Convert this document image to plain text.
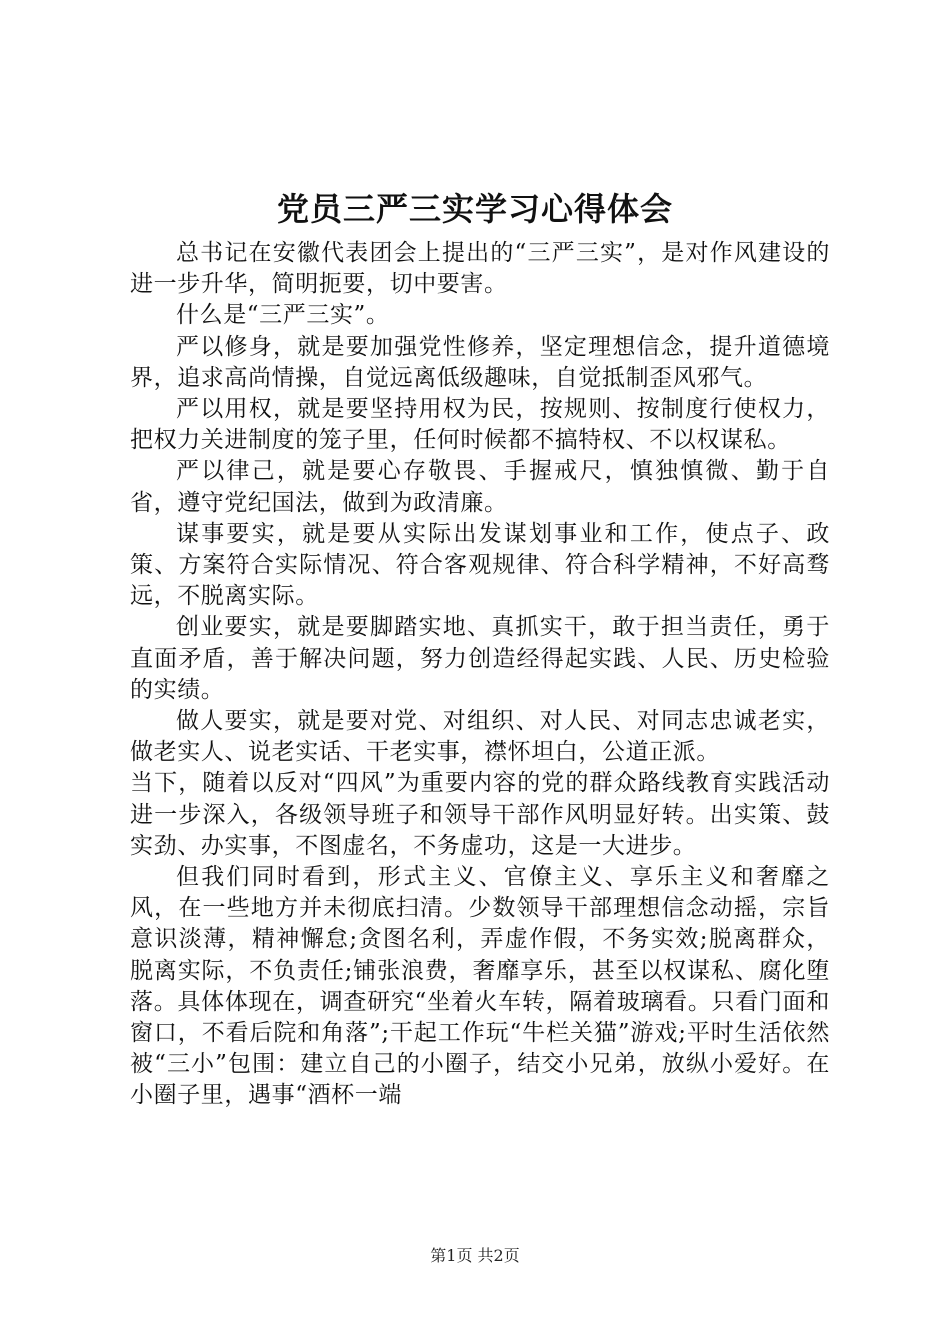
党员三严三实学习心得体会

总书记在安徽代表团会上提出的“三严三实”，是对作风建设的进一步升华，简明扼要，切中要害。

什么是“三严三实”。

严以修身，就是要加强党性修养，坚定理想信念，提升道德境界，追求高尚情操，自觉远离低级趣味，自觉抵制歪风邪气。

严以用权，就是要坚持用权为民，按规则、按制度行使权力，把权力关进制度的笼子里，任何时候都不搞特权、不以权谋私。

严以律己，就是要心存敬畏、手握戒尺，慎独慎微、勤于自省，遵守党纪国法，做到为政清廉。

谋事要实，就是要从实际出发谋划事业和工作，使点子、政策、方案符合实际情况、符合客观规律、符合科学精神，不好高骛远，不脱离实际。

创业要实，就是要脚踏实地、真抓实干，敢于担当责任，勇于直面矛盾，善于解决问题，努力创造经得起实践、人民、历史检验的实绩。

做人要实，就是要对党、对组织、对人民、对同志忠诚老实，做老实人、说老实话、干老实事，襟怀坦白，公道正派。

当下，随着以反对“四风”为重要内容的党的群众路线教育实践活动进一步深入，各级领导班子和领导干部作风明显好转。出实策、鼓实劲、办实事，不图虚名，不务虚功，这是一大进步。

但我们同时看到，形式主义、官僚主义、享乐主义和奢靡之风，在一些地方并未彻底扫清。少数领导干部理想信念动摇，宗旨意识淡薄，精神懈怠;贪图名利，弄虚作假，不务实效;脱离群众，脱离实际，不负责任;铺张浪费，奢靡享乐，甚至以权谋私、腐化堕落。具体体现在，调查研究“坐着火车转，隔着玻璃看。只看门面和窗口，不看后院和角落”;干起工作玩“牛栏关猫”游戏;平时生活依然被“三小”包围：建立自己的小圈子，结交小兄弟，放纵小爱好。在小圈子里，遇事“酒杯一端

第1页 共2页
